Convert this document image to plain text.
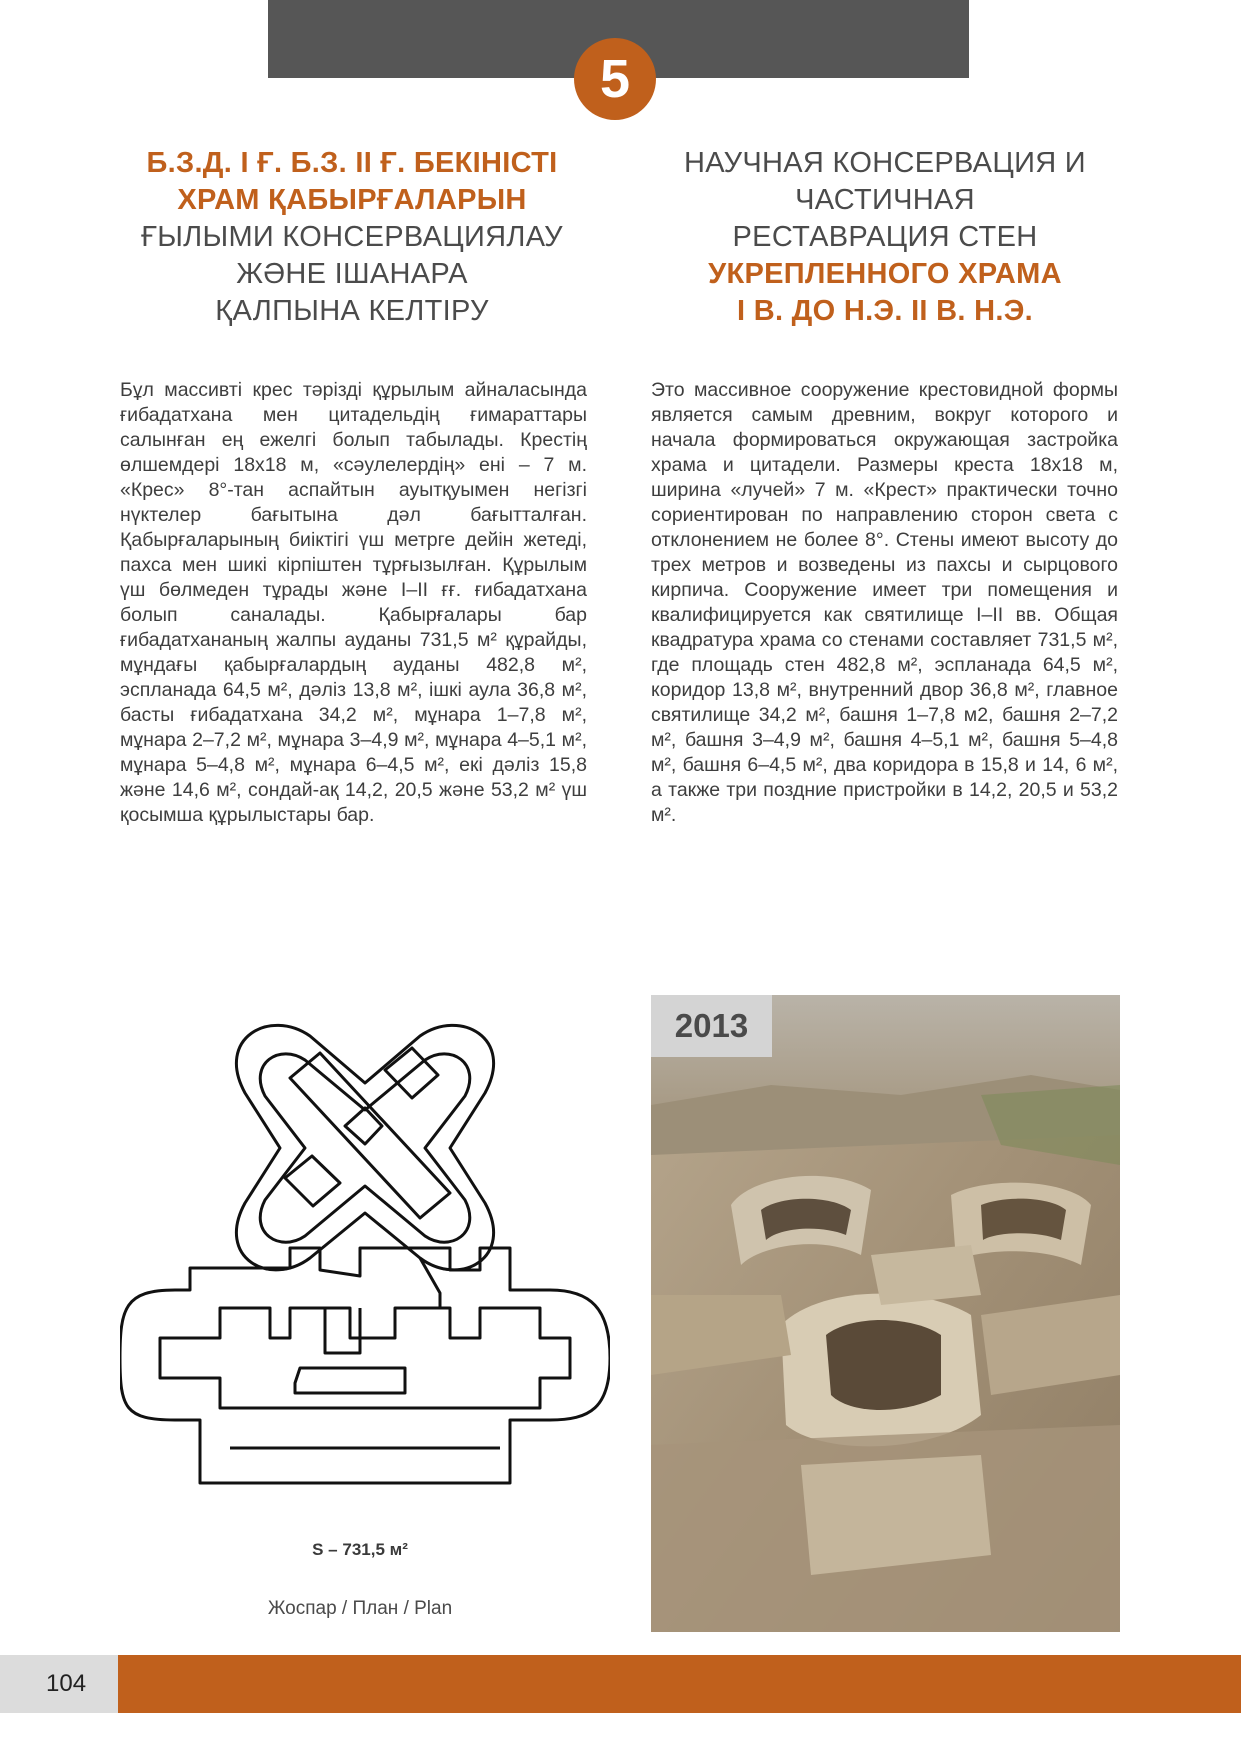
5
Б.З.Д. І Ғ. Б.З. ІІ Ғ. БЕКІНІСТІ
ХРАМ ҚАБЫРҒАЛАРЫН
ҒЫЛЫМИ КОНСЕРВАЦИЯЛАУ
ЖӘНЕ ІШАНАРА
ҚАЛПЫНА КЕЛТІРУ
НАУЧНАЯ КОНСЕРВАЦИЯ И
ЧАСТИЧНАЯ
РЕСТАВРАЦИЯ СТЕН
УКРЕПЛЕННОГО ХРАМА
І В. ДО Н.Э. ІІ В. Н.Э.

Бұл массивті крес тәрізді құрылым айналасында ғибадатхана мен цитадельдің ғимараттары салынған ең ежелгі болып табылады. Крестің өлшемдері 18х18 м, «сәулелердің» ені – 7 м. «Крес» 8°-тан аспайтын ауытқуымен негізгі нүктелер бағытына дәл бағытталған. Қабырғаларының биіктігі үш метрге дейін жетеді, пахса мен шикі кірпіштен тұрғызылған. Құрылым үш бөлмеден тұрады және І–ІІ ғғ. ғибадатхана болып саналады. Қабырғалары бар ғибадатхананың жалпы ауданы 731,5 м² құрайды, мұндағы қабырғалардың ауданы 482,8 м², эспланада 64,5 м², дәліз 13,8 м², ішкі аула 36,8 м², басты ғибадатхана 34,2 м², мұнара 1–7,8 м², мұнара 2–7,2 м², мұнара 3–4,9 м², мұнара 4–5,1 м², мұнара 5–4,8 м², мұнара 6–4,5 м², екі дәліз 15,8 және 14,6 м², сондай-ақ 14,2, 20,5 және 53,2 м² үш қосымша құрылыстары бар.

Это массивное сооружение крестовидной формы является самым древним, вокруг которого и начала формироваться окружающая застройка храма и цитадели. Размеры креста 18х18 м, ширина «лучей» 7 м. «Крест» практически точно сориентирован по направлению сторон света с отклонением не более 8°. Стены имеют высоту до трех метров и возведены из пахсы и сырцового кирпича. Сооружение имеет три помещения и квалифицируется как святилище І–ІІ вв. Общая квадратура храма со стенами составляет 731,5 м², где площадь стен 482,8 м², эспланада 64,5 м², коридор 13,8 м², внутренний двор 36,8 м², главное святилище 34,2 м², башня 1–7,8 м2, башня 2–7,2 м², башня 3–4,9 м², башня 4–5,1 м², башня 5–4,8 м², башня 6–4,5 м², два коридора в 15,8 и 14, 6 м², а также три поздние пристройки в 14,2, 20,5 и 53,2 м².

S – 731,5 м²
Жоспар / План / Plan
2013
104
